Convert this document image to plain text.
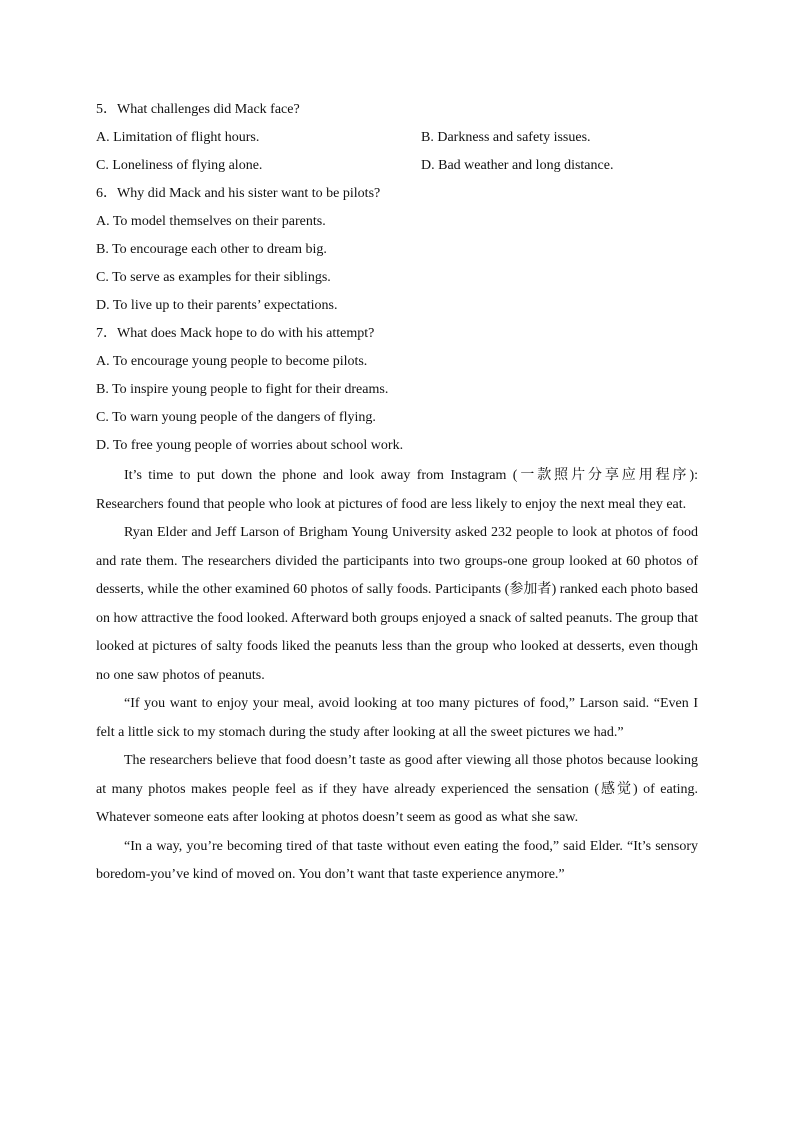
5．What challenges did Mack face?
A. Limitation of flight hours.	B. Darkness and safety issues.
C. Loneliness of flying alone.	D. Bad weather and long distance.
6．Why did Mack and his sister want to be pilots?
A. To model themselves on their parents.
B. To encourage each other to dream big.
C. To serve as examples for their siblings.
D. To live up to their parents’ expectations.
7．What does Mack hope to do with his attempt?
A. To encourage young people to become pilots.
B. To inspire young people to fight for their dreams.
C. To warn young people of the dangers of flying.
D. To free young people of worries about school work.

It’s time to put down the phone and look away from Instagram (一款照片分享应用程序): Researchers found that people who look at pictures of food are less likely to enjoy the next meal they eat.

Ryan Elder and Jeff Larson of Brigham Young University asked 232 people to look at photos of food and rate them. The researchers divided the participants into two groups-one group looked at 60 photos of desserts, while the other examined 60 photos of sally foods. Participants (参加者) ranked each photo based on how attractive the food looked. Afterward both groups enjoyed a snack of salted peanuts. The group that looked at pictures of salty foods liked the peanuts less than the group who looked at desserts, even though no one saw photos of peanuts.

“If you want to enjoy your meal, avoid looking at too many pictures of food,” Larson said. “Even I felt a little sick to my stomach during the study after looking at all the sweet pictures we had.”

The researchers believe that food doesn’t taste as good after viewing all those photos because looking at many photos makes people feel as if they have already experienced the sensation (感觉) of eating. Whatever someone eats after looking at photos doesn’t seem as good as what she saw.

“In a way, you’re becoming tired of that taste without even eating the food,” said Elder. “It’s sensory boredom-you’ve kind of moved on. You don’t want that taste experience anymore.”
